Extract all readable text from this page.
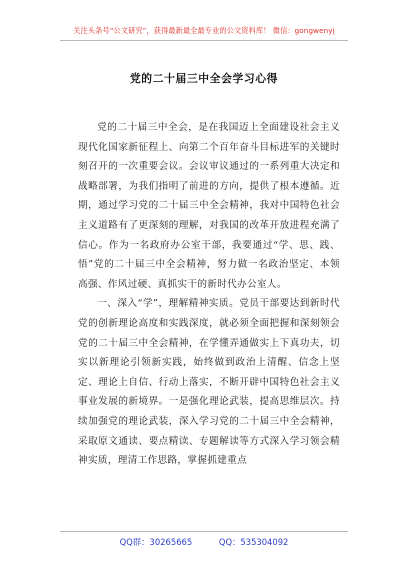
关注头条号“公文研究”，获得最新最全最专业的公文资料库！ 微信：gongwenyj
党的二十届三中全会学习心得

党的二十届三中全会，是在我国迈上全面建设社会主义现代化国家新征程上、向第二个百年奋斗目标进军的关键时刻召开的一次重要会议。会议审议通过的一系列重大决定和战略部署，为我们指明了前进的方向，提供了根本遵循。近期，通过学习党的二十届三中全会精神，我对中国特色社会主义道路有了更深刻的理解，对我国的改革开放进程充满了信心。作为一名政府办公室干部，我要通过“学、思、践、悟”党的二十届三中全会精神，努力做一名政治坚定、本领高强、作风过硬、真抓实干的新时代办公室人。

一、深入“学”，理解精神实质。党员干部要达到新时代党的创新理论高度和实践深度，就必须全面把握和深刻领会党的二十届三中全会精神，在学懂弄通做实上下真功夫，切实以新理论引领新实践，始终做到政治上清醒、信念上坚定、理论上自信、行动上落实，不断开辟中国特色社会主义事业发展的新境界。一是强化理论武装，提高思维层次。持续加强党的理论武装，深入学习党的二十届三中全会精神，采取原文通读、要点精读、专题解读等方式深入学习领会精神实质，理清工作思路，掌握抓建重点

QQ群：30265665	QQ：535304092
